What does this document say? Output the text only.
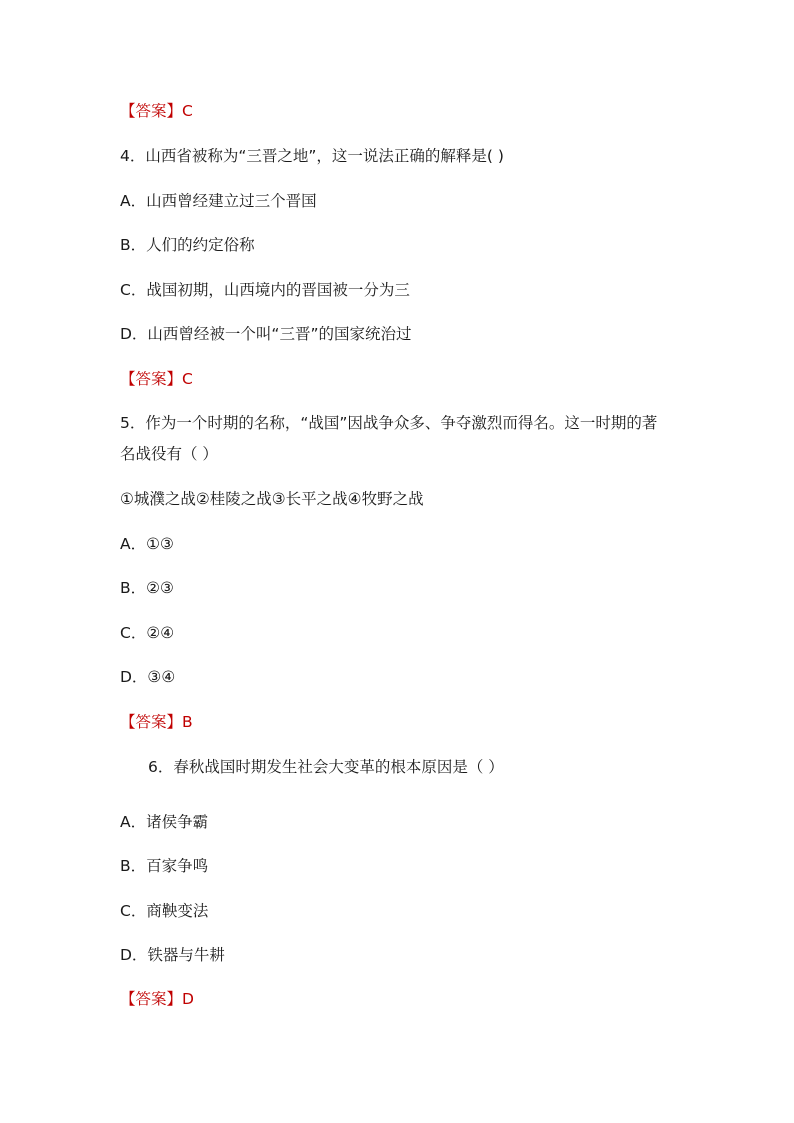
【答案】C
4．山西省被称为“三晋之地”，这一说法正确的解释是( )
A．山西曾经建立过三个晋国
B．人们的约定俗称
C．战国初期，山西境内的晋国被一分为三
D．山西曾经被一个叫“三晋”的国家统治过
【答案】C
5．作为一个时期的名称，“战国”因战争众多、争夺激烈而得名。这一时期的著
名战役有（ ）
①城濮之战②桂陵之战③长平之战④牧野之战
A．①③
B．②③
C．②④
D．③④
【答案】B
6．春秋战国时期发生社会大变革的根本原因是（ ）
A．诸侯争霸
B．百家争鸣
C．商鞅变法
D．铁器与牛耕
【答案】D
